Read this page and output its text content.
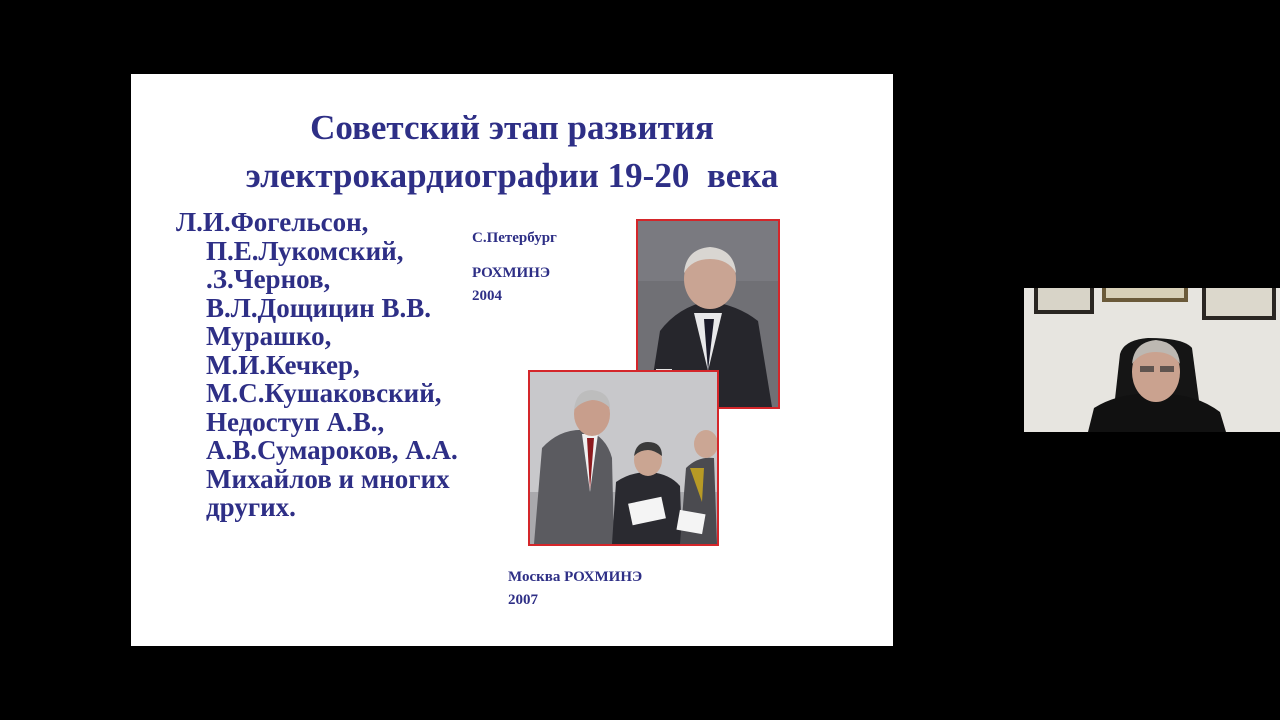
Советский этап развития
электрокардиографии 19-20  века
Л.И.Фогельсон,
П.Е.Лукомский,
.З.Чернов,
В.Л.Дощицин В.В.
Мурашко,
М.И.Кечкер,
М.С.Кушаковский,
Недоступ А.В.,
А.В.Сумароков, А.А.
Михайлов и многих
других.
С.Петербург
РОХМИНЭ
2004
Москва РОХМИНЭ
2007
